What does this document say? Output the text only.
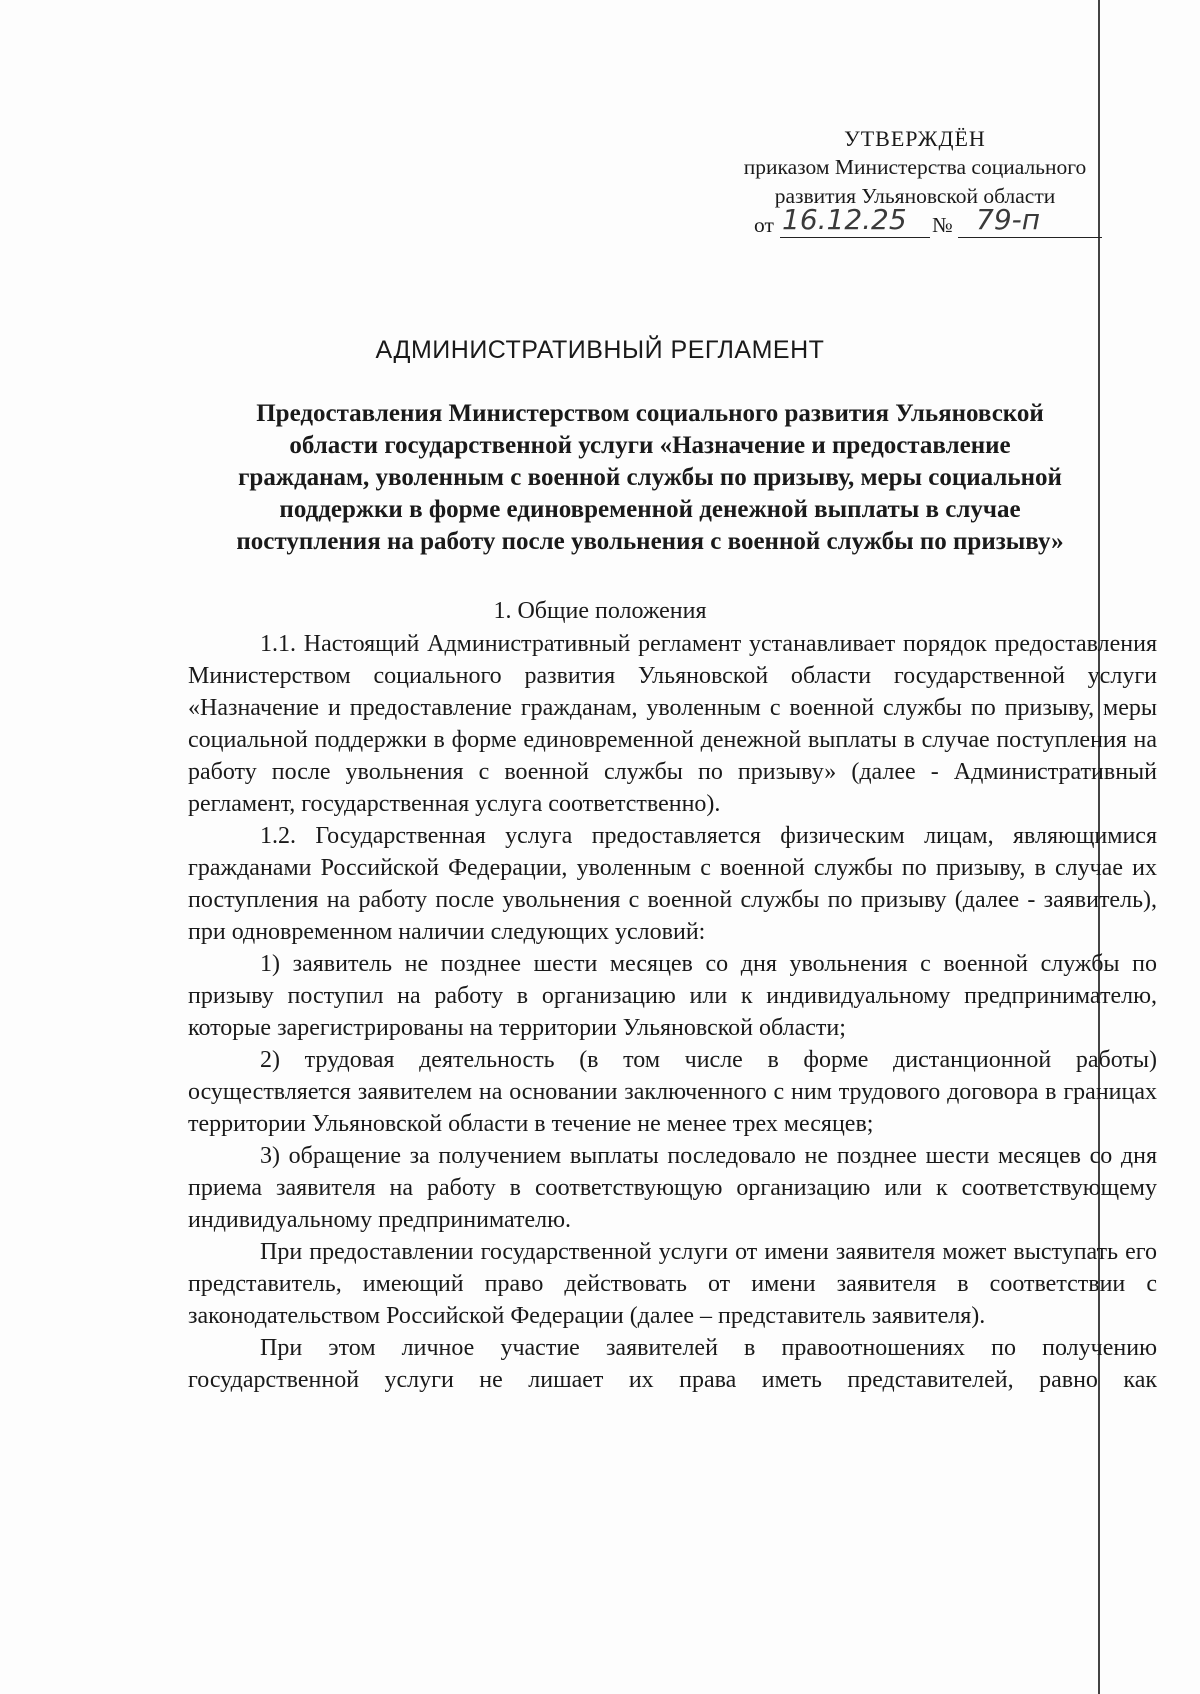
УТВЕРЖДЁН
приказом Министерства социального
развития Ульяновской области
от 16.12.25 № 79-п
АДМИНИСТРАТИВНЫЙ РЕГЛАМЕНТ
Предоставления Министерством социального развития Ульяновской
области государственной услуги «Назначение и предоставление
гражданам, уволенным с военной службы по призыву, меры социальной
поддержки в форме единовременной денежной выплаты в случае
поступления на работу после увольнения с военной службы по призыву»
1. Общие положения

1.1. Настоящий Административный регламент устанавливает порядок предоставления Министерством социального развития Ульяновской области государственной услуги «Назначение и предоставление гражданам, уволенным с военной службы по призыву, меры социальной поддержки в форме единовременной денежной выплаты в случае поступления на работу после увольнения с военной службы по призыву» (далее - Административный регламент, государственная услуга соответственно).

1.2. Государственная услуга предоставляется физическим лицам, являющимися гражданами Российской Федерации, уволенным с военной службы по призыву, в случае их поступления на работу после увольнения с военной службы по призыву (далее - заявитель), при одновременном наличии следующих условий:

1) заявитель не позднее шести месяцев со дня увольнения с военной службы по призыву поступил на работу в организацию или к индивидуальному предпринимателю, которые зарегистрированы на территории Ульяновской области;

2) трудовая деятельность (в том числе в форме дистанционной работы) осуществляется заявителем на основании заключенного с ним трудового договора в границах территории Ульяновской области в течение не менее трех месяцев;

3) обращение за получением выплаты последовало не позднее шести месяцев со дня приема заявителя на работу в соответствующую организацию или к соответствующему индивидуальному предпринимателю.

При предоставлении государственной услуги от имени заявителя может выступать его представитель, имеющий право действовать от имени заявителя в соответствии с законодательством Российской Федерации (далее – представитель заявителя).

При этом личное участие заявителей в правоотношениях по получению государственной услуги не лишает их права иметь представителей, равно как
